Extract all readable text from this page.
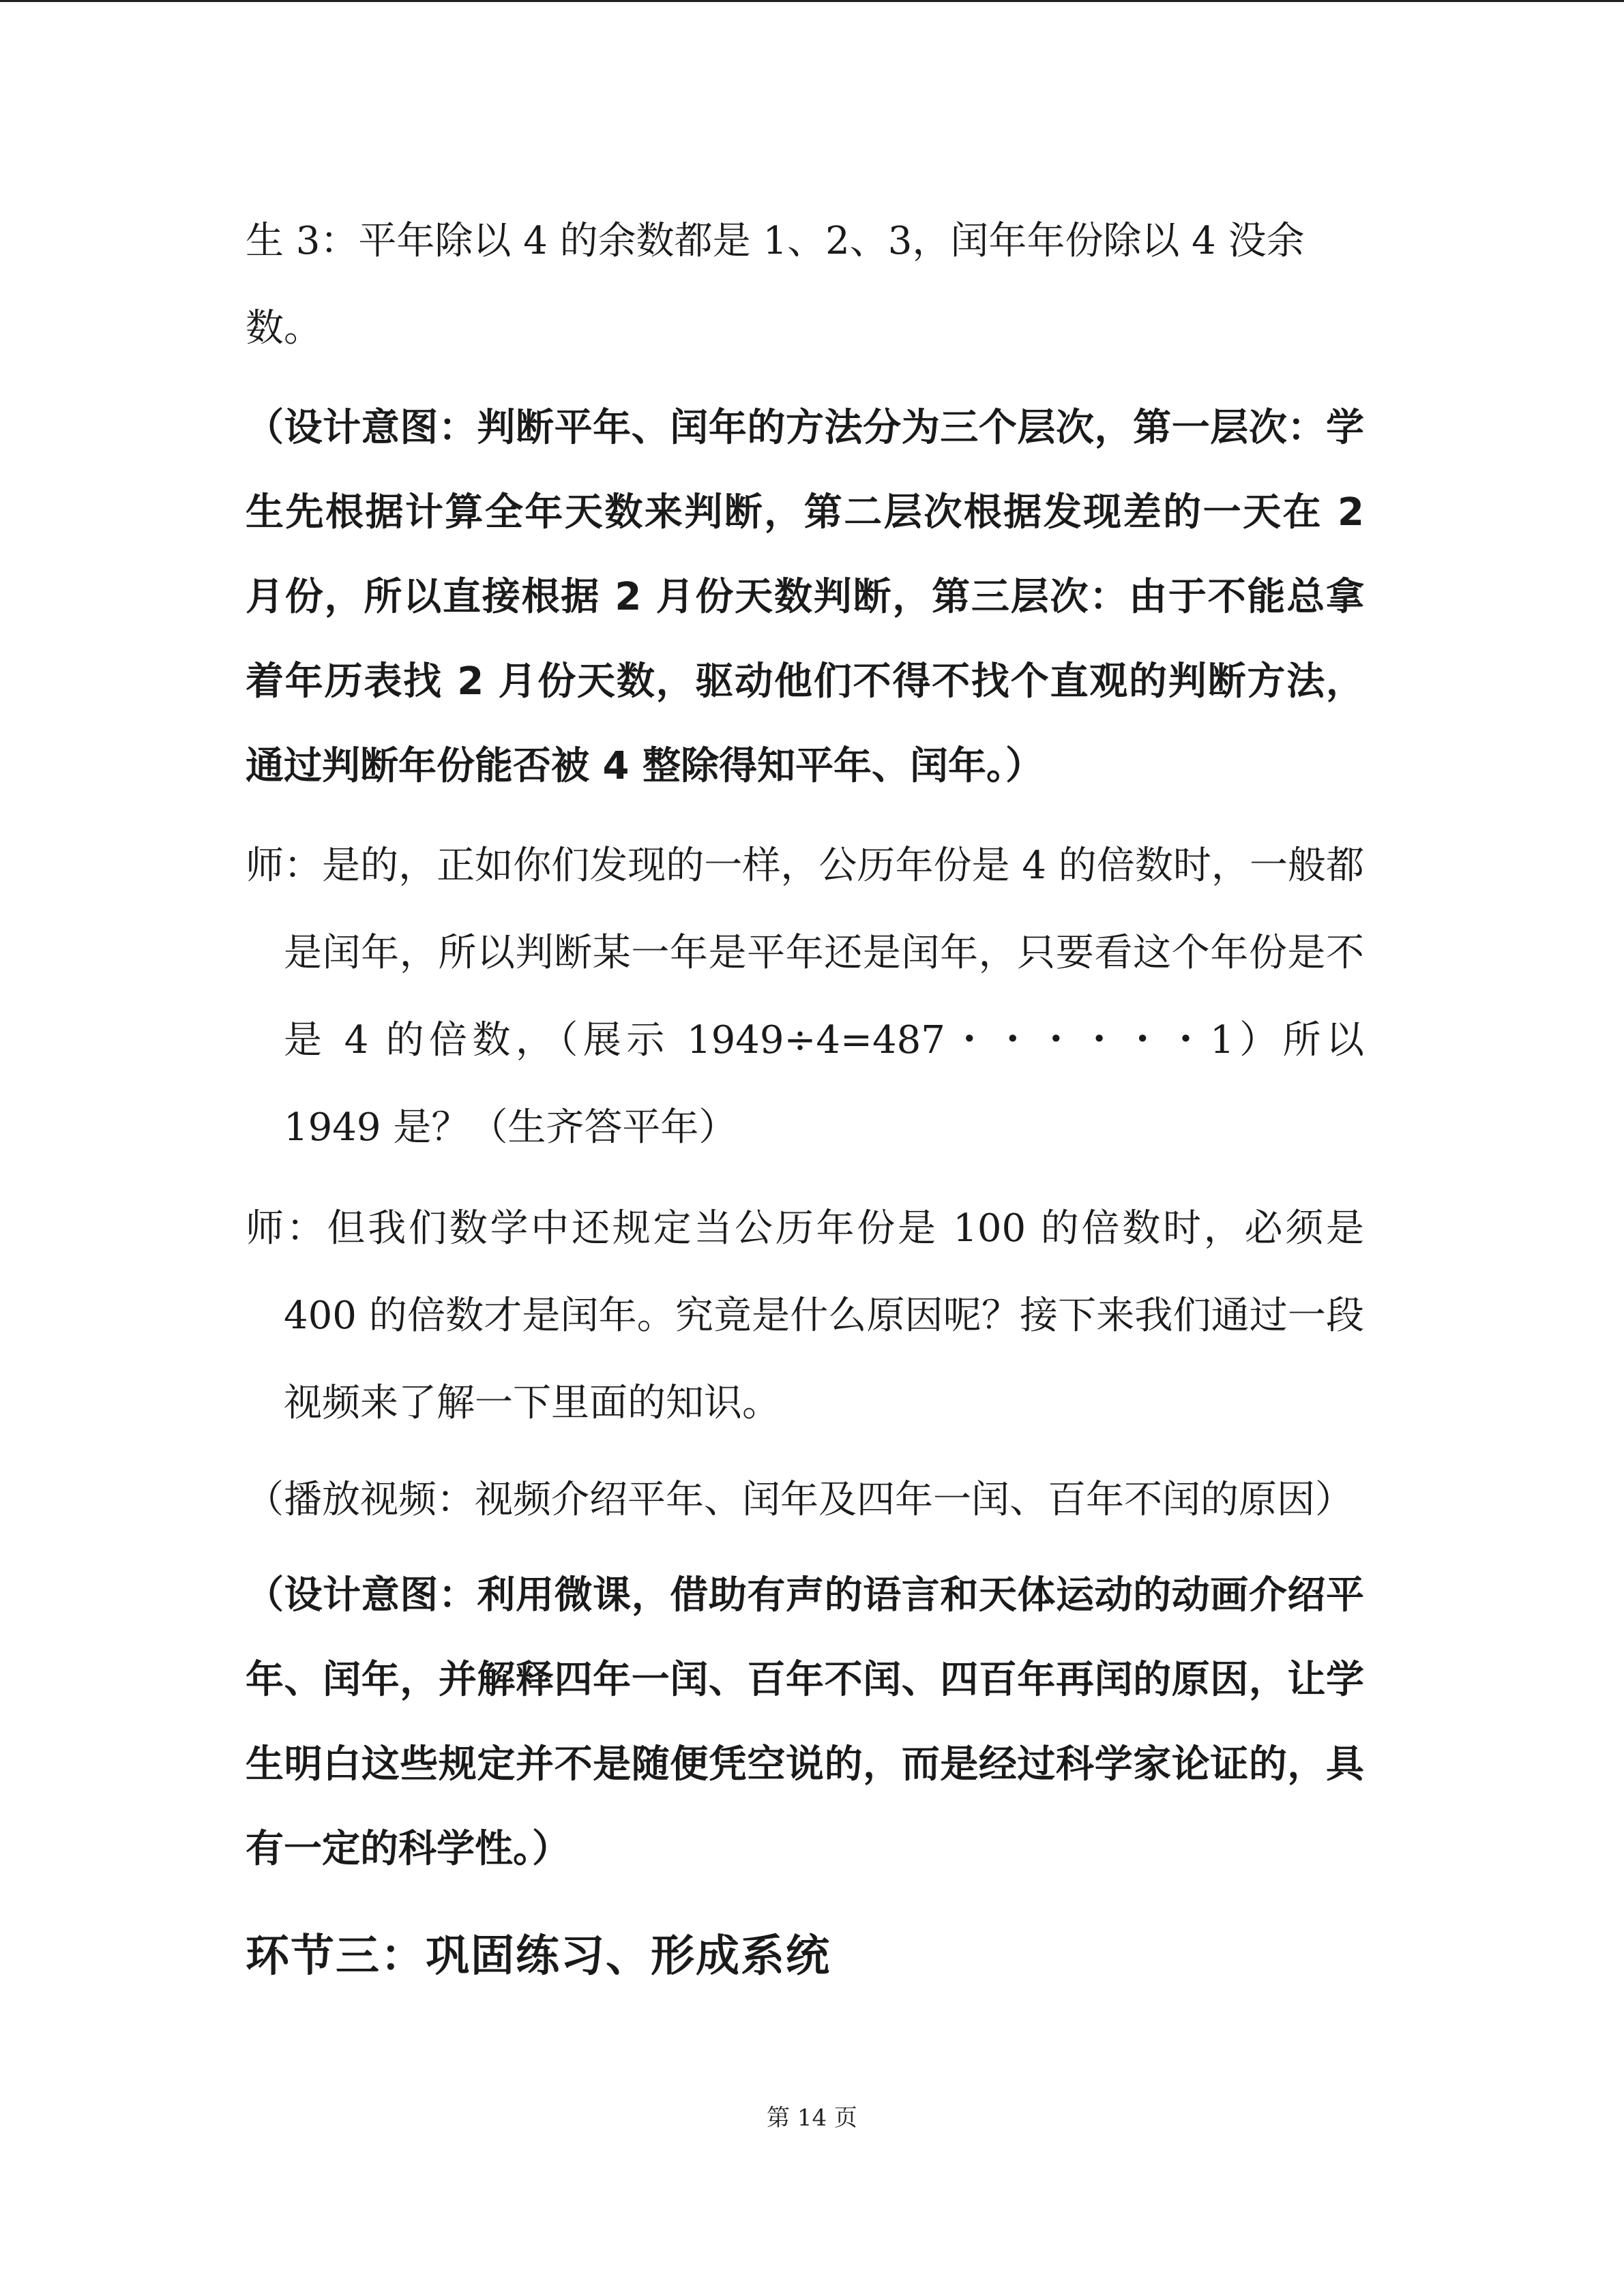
生 3：平年除以 4 的余数都是 1、2、3，闰年年份除以 4 没余数。

（设计意图：判断平年、闰年的方法分为三个层次，第一层次：学生先根据计算全年天数来判断，第二层次根据发现差的一天在 2 月份，所以直接根据 2 月份天数判断，第三层次：由于不能总拿着年历表找 2 月份天数，驱动他们不得不找个直观的判断方法，通过判断年份能否被 4 整除得知平年、闰年。）

师：是的，正如你们发现的一样，公历年份是 4 的倍数时，一般都是闰年，所以判断某一年是平年还是闰年，只要看这个年份是不是 4 的倍数，（展示 1949÷4=487・・・・・・1）所以 1949 是？（生齐答平年）

师：但我们数学中还规定当公历年份是 100 的倍数时，必须是 400 的倍数才是闰年。究竟是什么原因呢？接下来我们通过一段视频来了解一下里面的知识。

（播放视频：视频介绍平年、闰年及四年一闰、百年不闰的原因）

（设计意图：利用微课，借助有声的语言和天体运动的动画介绍平年、闰年，并解释四年一闰、百年不闰、四百年再闰的原因，让学生明白这些规定并不是随便凭空说的，而是经过科学家论证的，具有一定的科学性。）

环节三：巩固练习、形成系统
第 14 页
